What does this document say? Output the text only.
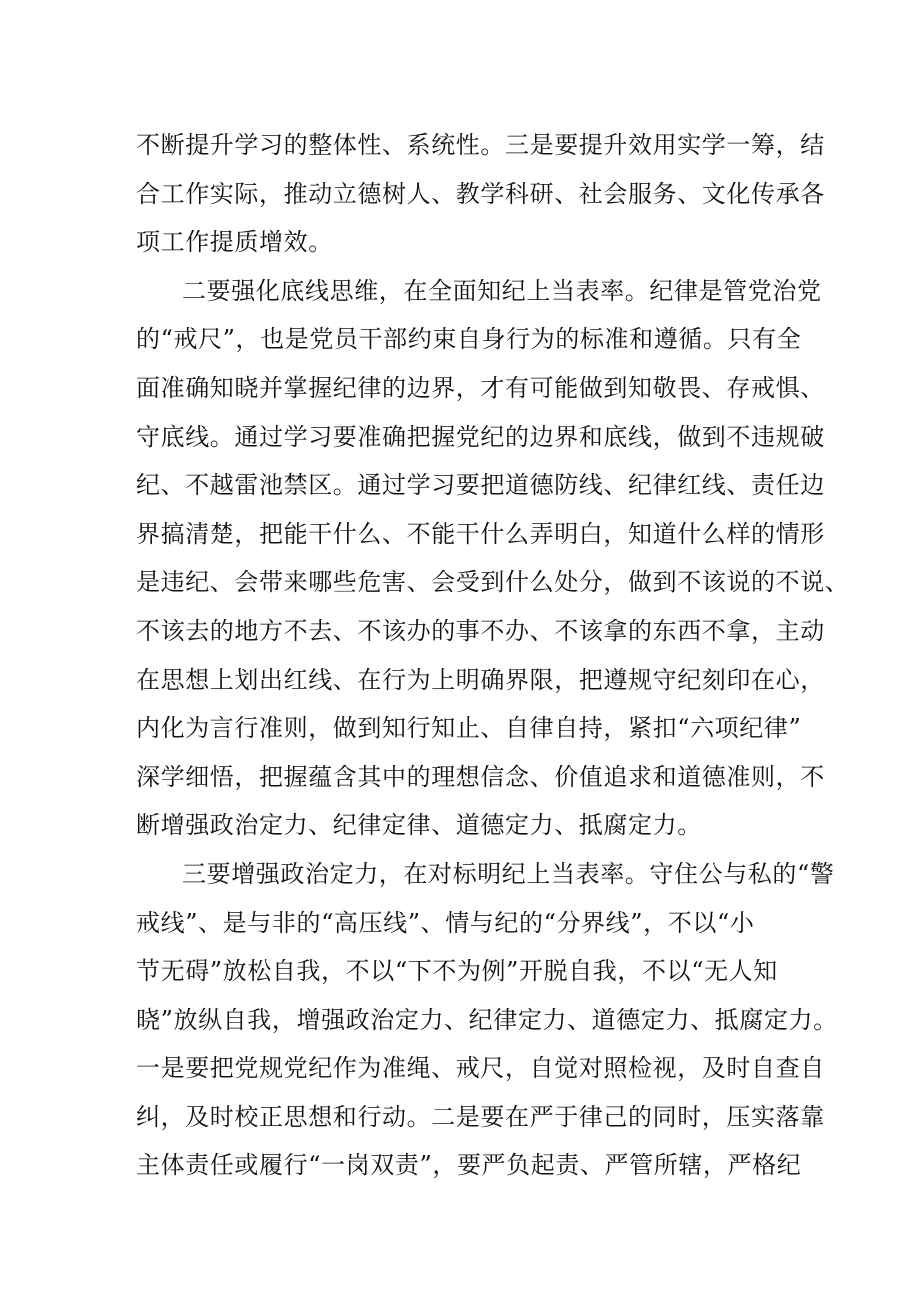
不断提升学习的整体性、系统性。三是要提升效用实学一筹，结
合工作实际，推动立德树人、教学科研、社会服务、文化传承各
项工作提质增效。
二要强化底线思维，在全面知纪上当表率。纪律是管党治党
的“戒尺”，也是党员干部约束自身行为的标准和遵循。只有全
面准确知晓并掌握纪律的边界，才有可能做到知敬畏、存戒惧、
守底线。通过学习要准确把握党纪的边界和底线，做到不违规破
纪、不越雷池禁区。通过学习要把道德防线、纪律红线、责任边
界搞清楚，把能干什么、不能干什么弄明白，知道什么样的情形
是违纪、会带来哪些危害、会受到什么处分，做到不该说的不说、
不该去的地方不去、不该办的事不办、不该拿的东西不拿，主动
在思想上划出红线、在行为上明确界限，把遵规守纪刻印在心，
内化为言行准则，做到知行知止、自律自持，紧扣“六项纪律”
深学细悟，把握蕴含其中的理想信念、价值追求和道德准则，不
断增强政治定力、纪律定律、道德定力、抵腐定力。
三要增强政治定力，在对标明纪上当表率。守住公与私的“警
戒线”、是与非的“高压线”、情与纪的“分界线”，不以“小
节无碍”放松自我，不以“下不为例”开脱自我，不以“无人知
晓”放纵自我，增强政治定力、纪律定力、道德定力、抵腐定力。
一是要把党规党纪作为准绳、戒尺，自觉对照检视，及时自查自
纠，及时校正思想和行动。二是要在严于律己的同时，压实落靠
主体责任或履行“一岗双责”，要严负起责、严管所辖，严格纪
